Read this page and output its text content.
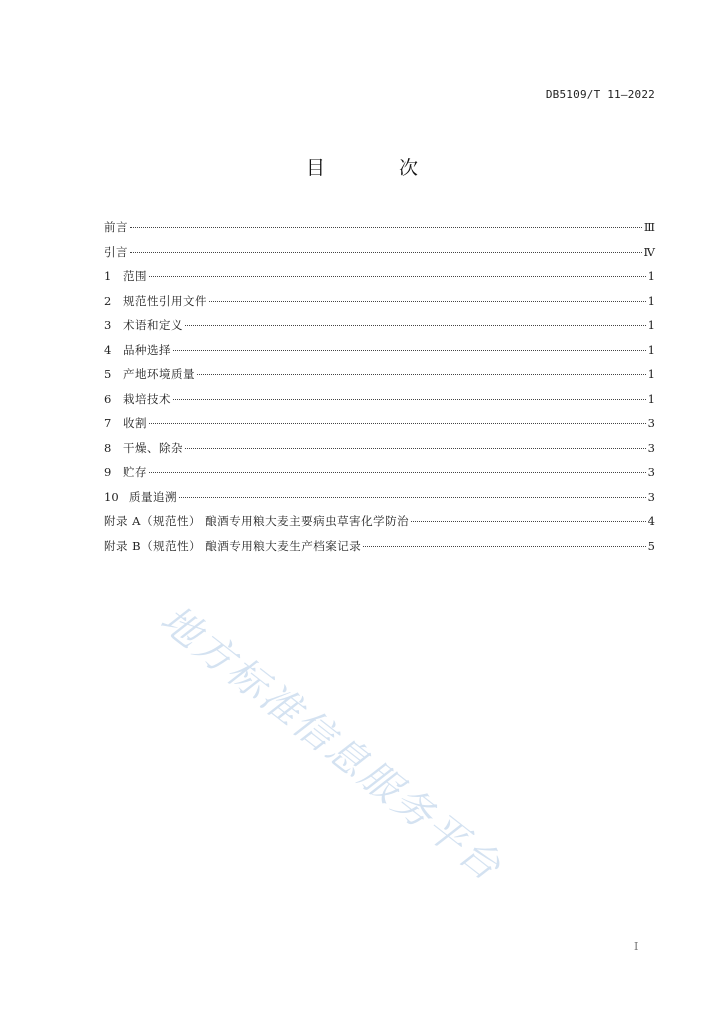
DB5109/T 11—2022
目 次
前言	Ⅲ
引言	Ⅳ
1	范围	1
2	规范性引用文件	1
3	术语和定义	1
4	品种选择	1
5	产地环境质量	1
6	栽培技术	1
7	收割	3
8	干燥、除杂	3
9	贮存	3
10 质量追溯	3
附录 A（规范性） 酿酒专用粮大麦主要病虫草害化学防治	4
附录 B（规范性） 酿酒专用粮大麦生产档案记录	5
地方标准信息服务平台
I
